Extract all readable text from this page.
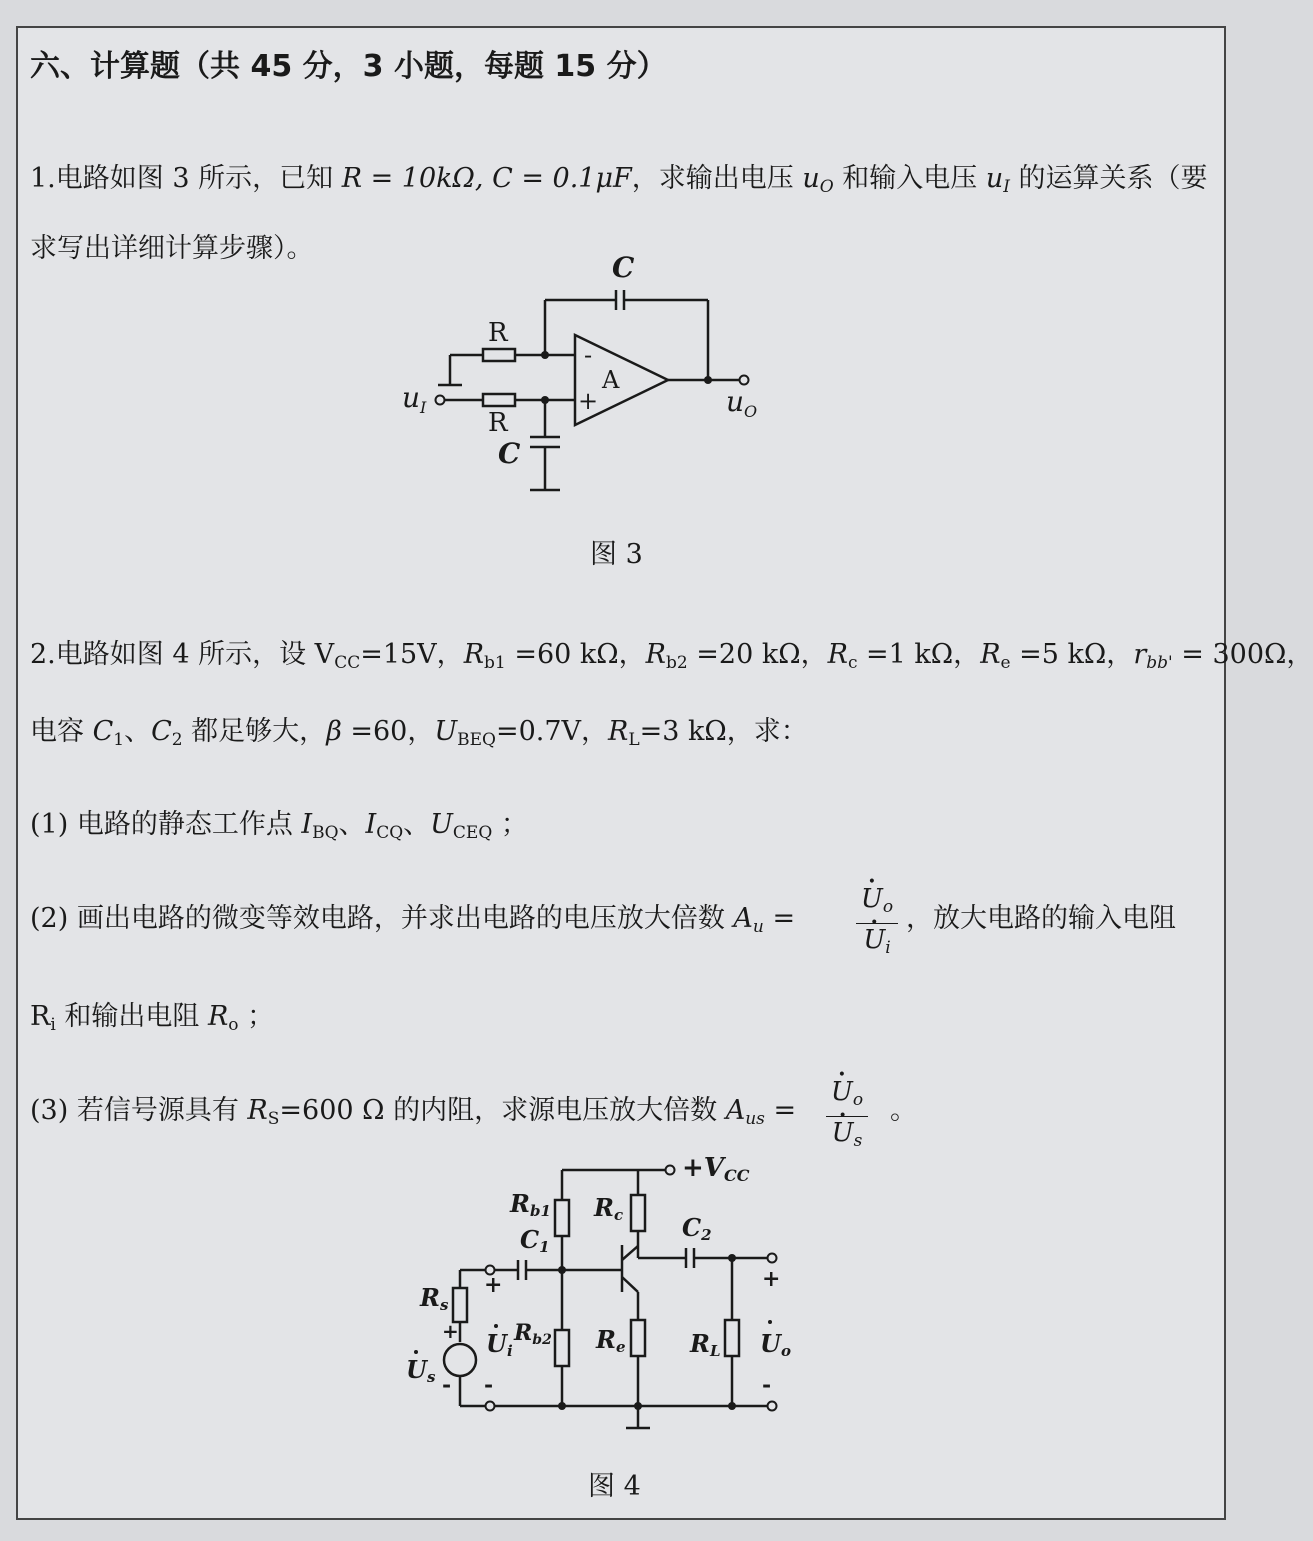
六、计算题（共 45 分，3 小题，每题 15 分）
1.电路如图 3 所示，已知 R = 10kΩ, C = 0.1μF，求输出电压 $u_O$ 和输入电压 $u_I$ 的运算关系（要
求写出详细计算步骤）。
C
R
R
C
-
+
A
u I	u O
图 3
2.电路如图 4 所示，设 $V_{CC}=15V$，$R_{b1} =60$ kΩ，$R_{b2} =20$ kΩ，$R_c =1$ kΩ，$R_e =5$ kΩ，$r_{bb'} = 300\Omega$，
电容 $C_1$、$C_2$ 都足够大，β =60，$U_{BEQ}=0.7V$，$R_L=3$ kΩ，求：
(1) 电路的静态工作点 $I_{BQ}$、$I_{CQ}$、$U_{CEQ}$ ；
(2) 画出电路的微变等效电路，并求出电路的电压放大倍数 $A_u$ =
• $U_o$
• $U_i$
，放大电路的输入电阻
$R_i$ 和输出电阻 $R_o$ ；
(3) 若信号源具有 $R_S=600$ Ω 的内阻，求源电压放大倍数 $A_{us}$ =
• $U_o$
• $U_s$
。
+VCC
Rb1 Rc
C1
C2
Rs
Ui
Rb2 Re	RL Uo
Us
+
-
+
-
+
-
图 4
